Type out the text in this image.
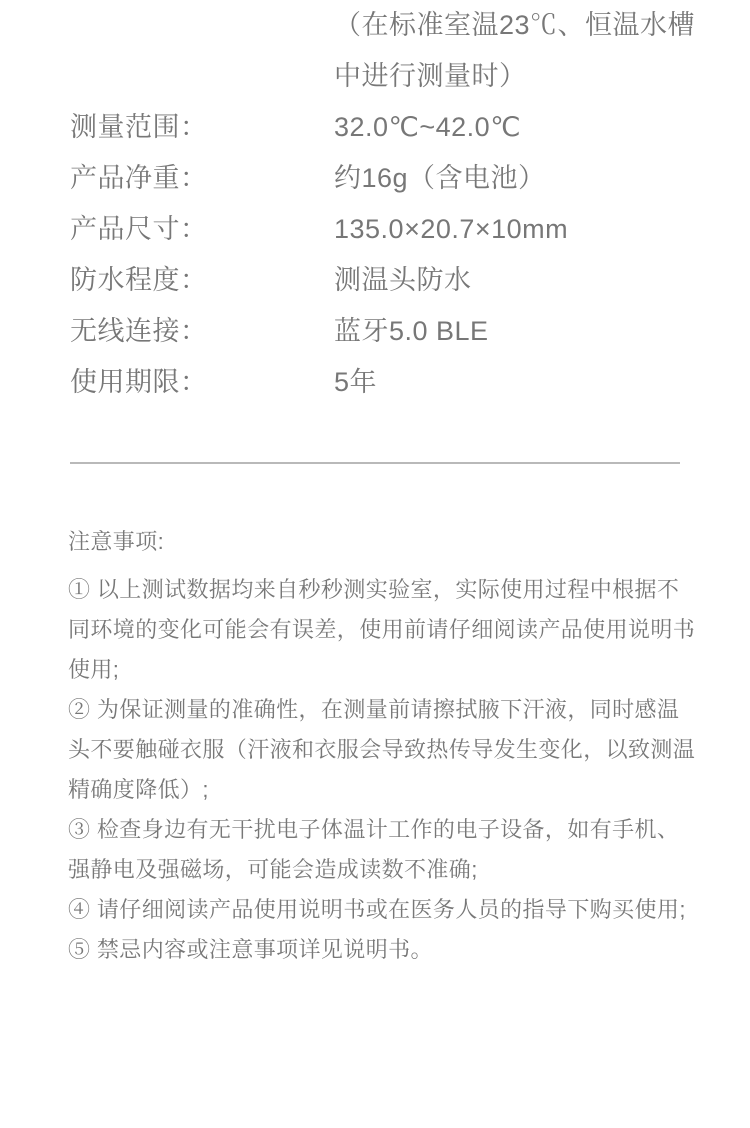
（在标准室温23℃、恒温水槽
中进行测量时）
测量范围：	32.0℃~42.0℃
产品净重：	约16g（含电池）
产品尺寸：	135.0×20.7×10mm
防水程度：	测温头防水
无线连接：	蓝牙5.0 BLE
使用期限：	5年

注意事项:

① 以上测试数据均来自秒秒测实验室，实际使用过程中根据不同环境的变化可能会有误差，使用前请仔细阅读产品使用说明书使用;

② 为保证测量的准确性，在测量前请擦拭腋下汗液，同时感温头不要触碰衣服（汗液和衣服会导致热传导发生变化，以致测温精确度降低）;

③ 检查身边有无干扰电子体温计工作的电子设备，如有手机、强静电及强磁场，可能会造成读数不准确;

④ 请仔细阅读产品使用说明书或在医务人员的指导下购买使用;

⑤ 禁忌内容或注意事项详见说明书。
